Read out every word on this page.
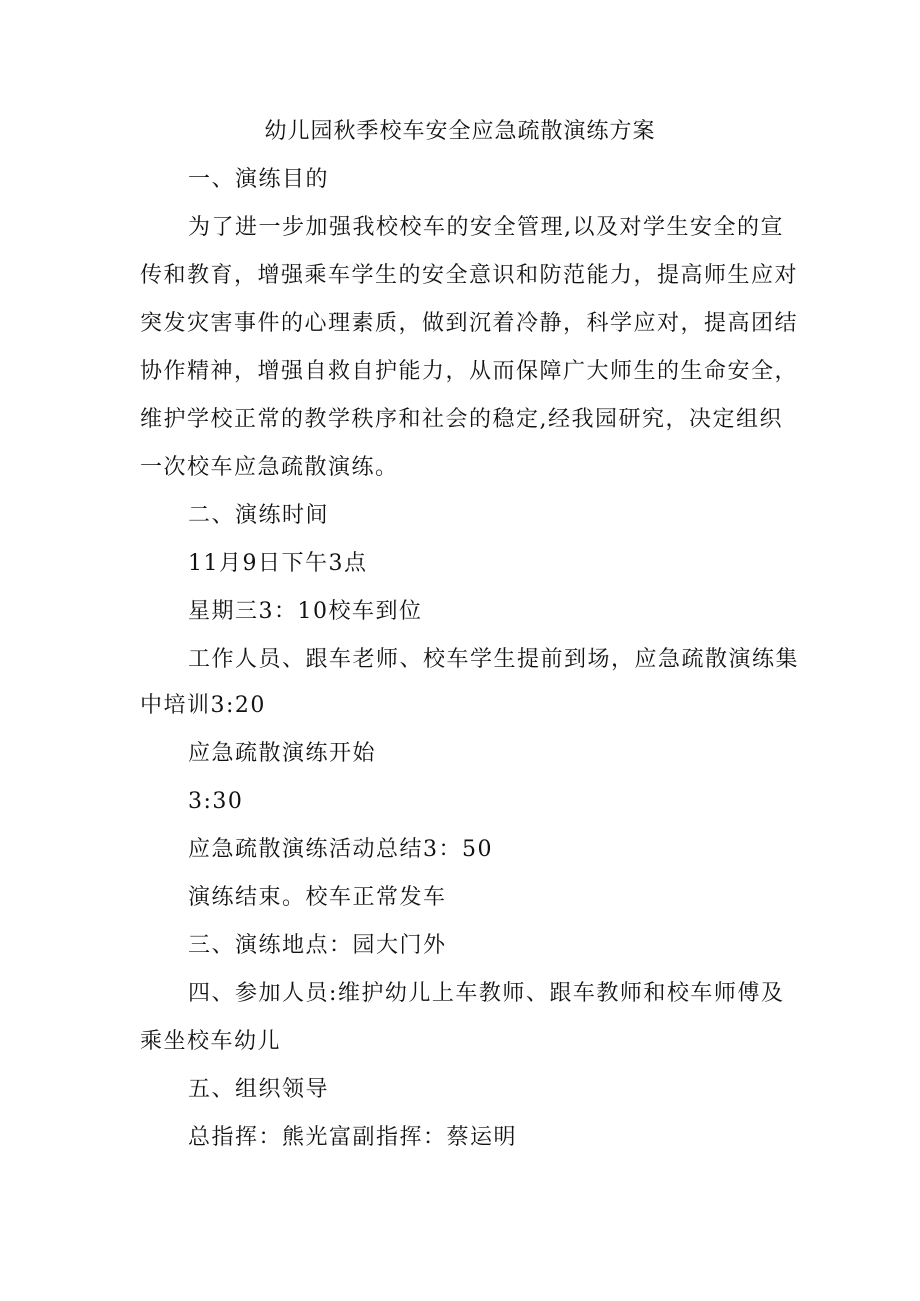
幼儿园秋季校车安全应急疏散演练方案
一、演练目的
为了进一步加强我校校车的安全管理,以及对学生安全的宣
传和教育，增强乘车学生的安全意识和防范能力，提高师生应对
突发灾害事件的心理素质，做到沉着冷静，科学应对，提高团结
协作精神，增强自救自护能力，从而保障广大师生的生命安全，
维护学校正常的教学秩序和社会的稳定,经我园研究，决定组织
一次校车应急疏散演练。
二、演练时间
11月9日下午3点
星期三3：10校车到位
工作人员、跟车老师、校车学生提前到场，应急疏散演练集
中培训3:20
应急疏散演练开始
3:30
应急疏散演练活动总结3：50
演练结束。校车正常发车
三、演练地点：园大门外
四、参加人员:维护幼儿上车教师、跟车教师和校车师傅及
乘坐校车幼儿
五、组织领导
总指挥：熊光富副指挥：蔡运明
